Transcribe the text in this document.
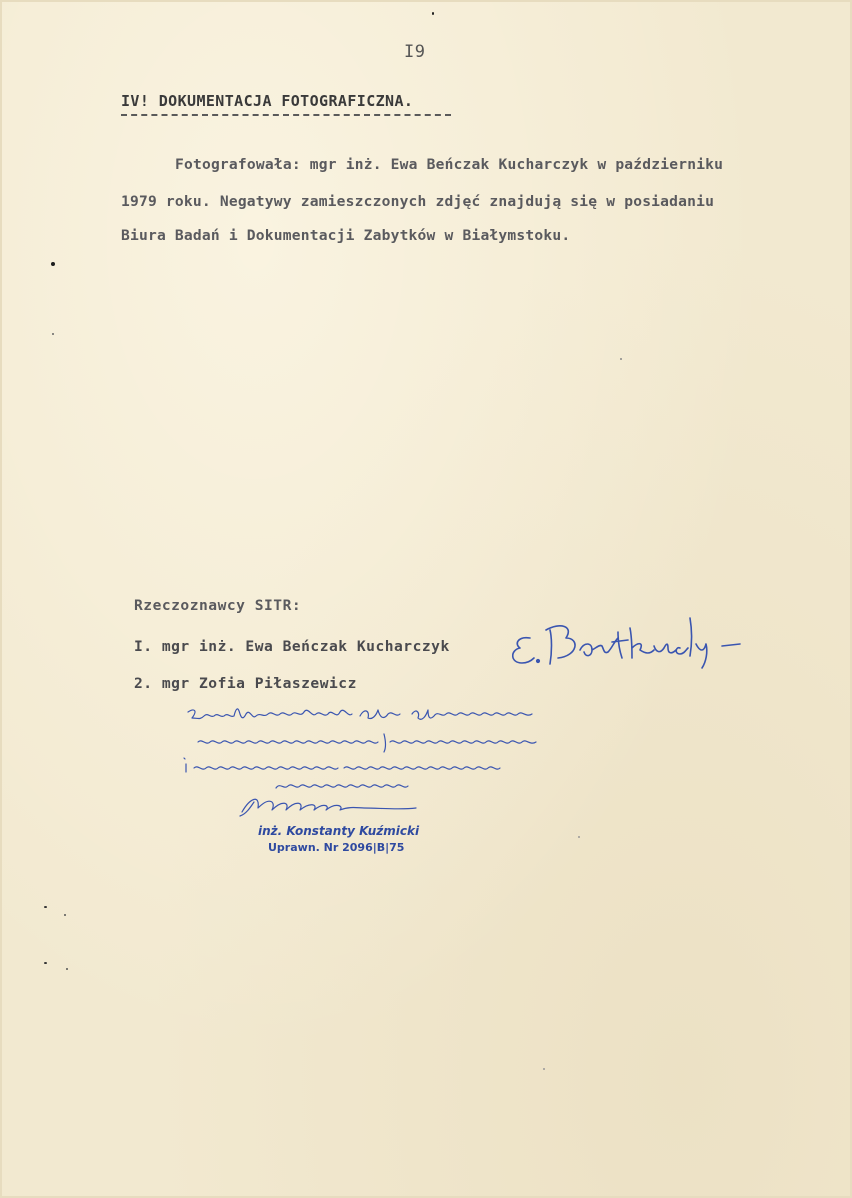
I9
IV! DOKUMENTACJA FOTOGRAFICZNA.
Fotografowała: mgr inż. Ewa Beńczak Kucharczyk w październiku
1979 roku. Negatywy zamieszczonych zdjęć znajdują się w posiadaniu
Biura Badań i Dokumentacji Zabytków w Białymstoku.
Rzeczoznawcy SITR:
I. mgr inż. Ewa Beńczak Kucharczyk
2. mgr Zofia Piłaszewicz
inż. Konstanty Kuźmicki
Uprawn. Nr 2096|B|75
